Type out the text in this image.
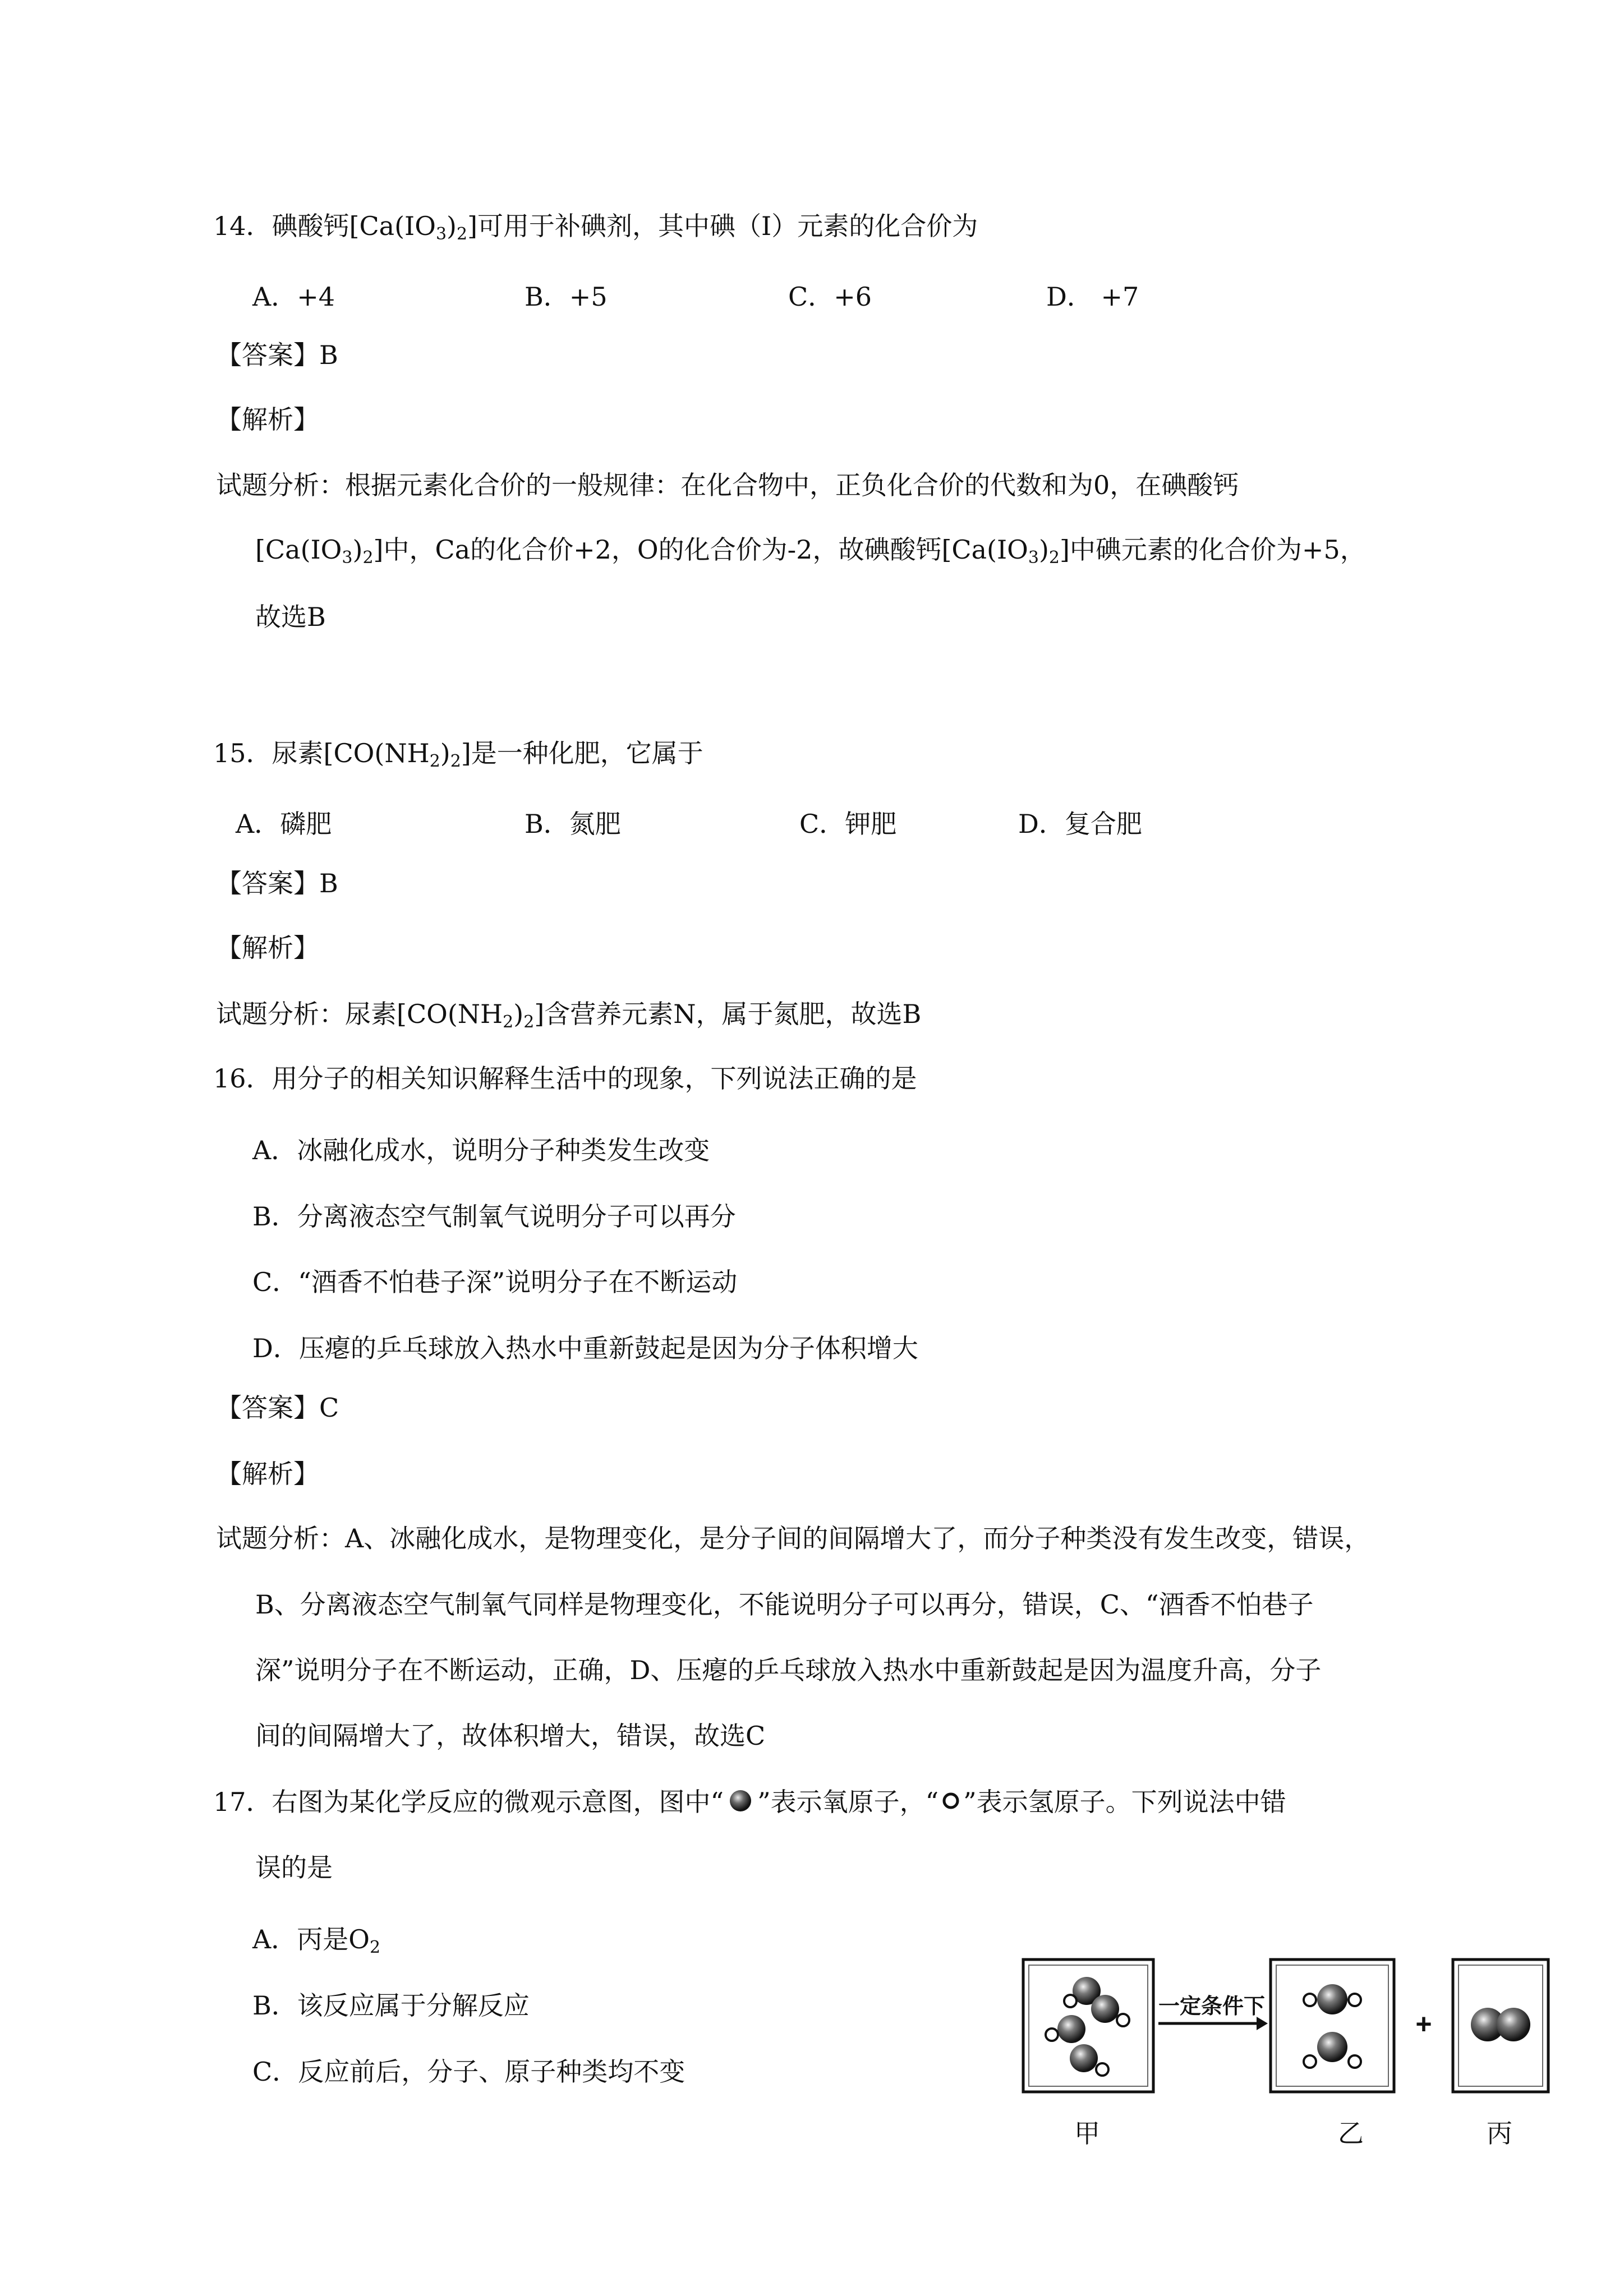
14．碘酸钙$[Ca(IO_3)_2]$可用于补碘剂，其中碘（I）元素的化合价为
A．+4	B．+5	C．+6	D． +7
【答案】B
【解析】
试题分析：根据元素化合价的一般规律：在化合物中，正负化合价的代数和为0，在碘酸钙
$[Ca(IO_3)_2]$中，Ca的化合价+2，O的化合价为-2，故碘酸钙$[Ca(IO_3)_2]$中碘元素的化合价为+5，
故选B
15．尿素$[CO(NH_2)_2]$是一种化肥，它属于
A．磷肥	B．氮肥	C．钾肥	D．复合肥
【答案】B
【解析】
试题分析：尿素$[CO(NH_2)_2]$含营养元素N，属于氮肥，故选B
16．用分子的相关知识解释生活中的现象，下列说法正确的是
A．冰融化成水，说明分子种类发生改变
B．分离液态空气制氧气说明分子可以再分
C．“酒香不怕巷子深”说明分子在不断运动
D．压瘪的乒乓球放入热水中重新鼓起是因为分子体积增大
【答案】C
【解析】
试题分析：A、冰融化成水，是物理变化，是分子间的间隔增大了，而分子种类没有发生改变，错误，
B、分离液态空气制氧气同样是物理变化，不能说明分子可以再分，错误，C、“酒香不怕巷子
深”说明分子在不断运动，正确，D、压瘪的乒乓球放入热水中重新鼓起是因为温度升高，分子
间的间隔增大了，故体积增大，错误，故选C
17．右图为某化学反应的微观示意图，图中“ ”表示氧原子，“ ”表示氢原子。下列说法中错
误的是
A．丙是$O_2$
B．该反应属于分解反应
C．反应前后，分子、原子种类均不变
一定条件下
+
甲	乙	丙
